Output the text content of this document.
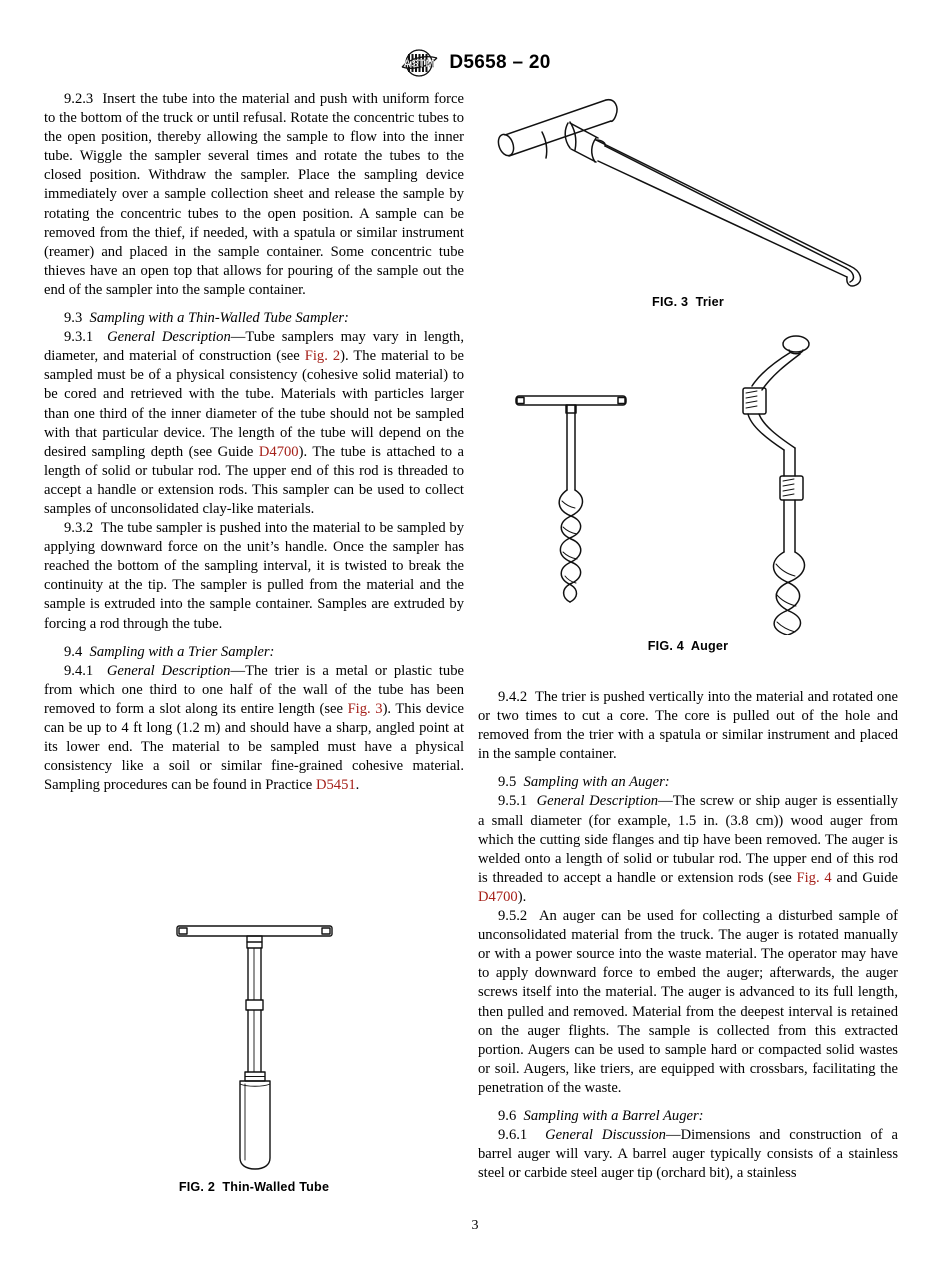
ASTM D5658 – 20

9.2.3 Insert the tube into the material and push with uniform force to the bottom of the truck or until refusal. Rotate the concentric tubes to the open position, thereby allowing the sample to flow into the inner tube. Wiggle the sampler several times and rotate the tubes to the closed position. Withdraw the sampler. Place the sampling device immediately over a sample collection sheet and release the sample by rotating the concentric tubes to the open position. A sample can be removed from the thief, if needed, with a spatula or similar instrument (reamer) and placed in the sample container. Some concentric tube thieves have an open top that allows for pouring of the sample out the end of the sampler into the sample container.

9.3 Sampling with a Thin-Walled Tube Sampler:

9.3.1 General Description—Tube samplers may vary in length, diameter, and material of construction (see Fig. 2). The material to be sampled must be of a physical consistency (cohesive solid material) to be cored and retrieved with the tube. Materials with particles larger than one third of the inner diameter of the tube should not be sampled with that particular device. The length of the tube will depend on the desired sampling depth (see Guide D4700). The tube is attached to a length of solid or tubular rod. The upper end of this rod is threaded to accept a handle or extension rods. This sampler can be used to collect samples of unconsolidated clay-like materials.

9.3.2 The tube sampler is pushed into the material to be sampled by applying downward force on the unit’s handle. Once the sampler has reached the bottom of the sampling interval, it is twisted to break the continuity at the tip. The sampler is pulled from the material and the sample is extruded into the sample container. Samples are extruded by forcing a rod through the tube.

9.4 Sampling with a Trier Sampler:

9.4.1 General Description—The trier is a metal or plastic tube from which one third to one half of the wall of the tube has been removed to form a slot along its entire length (see Fig. 3). This device can be up to 4 ft long (1.2 m) and should have a sharp, angled point at its lower end. The material to be sampled must have a physical consistency like a soil or similar fine-grained cohesive material. Sampling procedures can be found in Practice D5451.

9.4.2 The trier is pushed vertically into the material and rotated one or two times to cut a core. The core is pulled out of the hole and removed from the trier with a spatula or similar instrument and placed in the sample container.

9.5 Sampling with an Auger:

9.5.1 General Description—The screw or ship auger is essentially a small diameter (for example, 1.5 in. (3.8 cm)) wood auger from which the cutting side flanges and tip have been removed. The auger is welded onto a length of solid or tubular rod. The upper end of this rod is threaded to accept a handle or extension rods (see Fig. 4 and Guide D4700).

9.5.2 An auger can be used for collecting a disturbed sample of unconsolidated material from the truck. The auger is rotated manually or with a power source into the waste material. The operator may have to apply downward force to embed the auger; afterwards, the auger screws itself into the material. The auger is advanced to its full length, then pulled and removed. Material from the deepest interval is retained on the auger flights. The sample is collected from this extracted portion. Augers can be used to sample hard or compacted solid wastes or soil. Augers, like triers, are equipped with crossbars, facilitating the penetration of the waste.

9.6 Sampling with a Barrel Auger:

9.6.1 General Discussion—Dimensions and construction of a barrel auger will vary. A barrel auger typically consists of a stainless steel or carbide steel auger tip (orchard bit), a stainless

FIG. 3  Trier
FIG. 4  Auger
FIG. 2  Thin-Walled Tube
3
